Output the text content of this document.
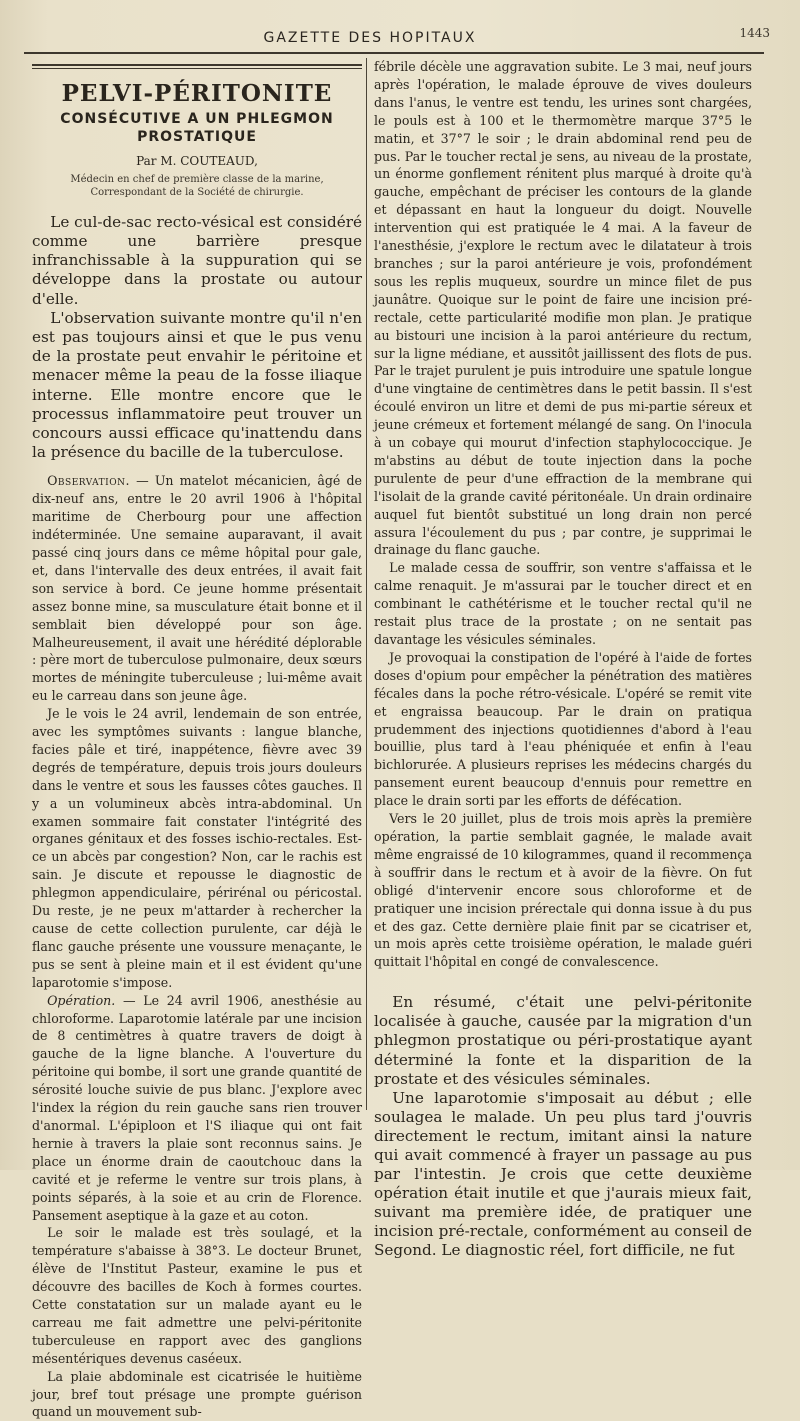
GAZETTE DES HOPITAUX	1443
PELVI-PÉRITONITE
CONSÉCUTIVE A UN PHLEGMON PROSTATIQUE
Par M. COUTEAUD,
Médecin en chef de première classe de la marine,
Correspondant de la Société de chirurgie.

Le cul-de-sac recto-vésical est considéré comme une barrière presque infranchissable à la suppuration qui se développe dans la prostate ou autour d'elle.

L'observation suivante montre qu'il n'en est pas toujours ainsi et que le pus venu de la prostate peut envahir le péritoine et menacer même la peau de la fosse iliaque interne. Elle montre encore que le processus inflammatoire peut trouver un concours aussi efficace qu'inattendu dans la présence du bacille de la tuberculose.

Observation. — Un matelot mécanicien, âgé de dix-neuf ans, entre le 20 avril 1906 à l'hôpital maritime de Cherbourg pour une affection indéterminée. Une semaine auparavant, il avait passé cinq jours dans ce même hôpital pour gale, et, dans l'intervalle des deux entrées, il avait fait son service à bord. Ce jeune homme présentait assez bonne mine, sa musculature était bonne et il semblait bien développé pour son âge. Malheureusement, il avait une hérédité déplorable : père mort de tuberculose pulmonaire, deux sœurs mortes de méningite tuberculeuse ; lui-même avait eu le carreau dans son jeune âge.

Je le vois le 24 avril, lendemain de son entrée, avec les symptômes suivants : langue blanche, facies pâle et tiré, inappétence, fièvre avec 39 degrés de température, depuis trois jours douleurs dans le ventre et sous les fausses côtes gauches. Il y a un volumineux abcès intra-abdominal. Un examen sommaire fait constater l'intégrité des organes génitaux et des fosses ischio-rectales. Est-ce un abcès par congestion? Non, car le rachis est sain. Je discute et repousse le diagnostic de phlegmon appendiculaire, périrénal ou péricostal. Du reste, je ne peux m'attarder à rechercher la cause de cette collection purulente, car déjà le flanc gauche présente une voussure menaçante, le pus se sent à pleine main et il est évident qu'une laparotomie s'impose.

Opération. — Le 24 avril 1906, anesthésie au chloroforme. Laparotomie latérale par une incision de 8 centimètres à quatre travers de doigt à gauche de la ligne blanche. A l'ouverture du péritoine qui bombe, il sort une grande quantité de sérosité louche suivie de pus blanc. J'explore avec l'index la région du rein gauche sans rien trouver d'anormal. L'épiploon et l'S iliaque qui ont fait hernie à travers la plaie sont reconnus sains. Je place un énorme drain de caoutchouc dans la cavité et je referme le ventre sur trois plans, à points séparés, à la soie et au crin de Florence. Pansement aseptique à la gaze et au coton.

Le soir le malade est très soulagé, et la température s'abaisse à 38°3. Le docteur Brunet, élève de l'Institut Pasteur, examine le pus et découvre des bacilles de Koch à formes courtes. Cette constatation sur un malade ayant eu le carreau me fait admettre une pelvi-péritonite tuberculeuse en rapport avec des ganglions mésentériques devenus caséeux.

La plaie abdominale est cicatrisée le huitième jour, bref tout présage une prompte guérison quand un mouvement sub-

fébrile décèle une aggravation subite. Le 3 mai, neuf jours après l'opération, le malade éprouve de vives douleurs dans l'anus, le ventre est tendu, les urines sont chargées, le pouls est à 100 et le thermomètre marque 37°5 le matin, et 37°7 le soir ; le drain abdominal rend peu de pus. Par le toucher rectal je sens, au niveau de la prostate, un énorme gonflement rénitent plus marqué à droite qu'à gauche, empêchant de préciser les contours de la glande et dépassant en haut la longueur du doigt. Nouvelle intervention qui est pratiquée le 4 mai. A la faveur de l'anesthésie, j'explore le rectum avec le dilatateur à trois branches ; sur la paroi antérieure je vois, profondément sous les replis muqueux, sourdre un mince filet de pus jaunâtre. Quoique sur le point de faire une incision pré-rectale, cette particularité modifie mon plan. Je pratique au bistouri une incision à la paroi antérieure du rectum, sur la ligne médiane, et aussitôt jaillissent des flots de pus. Par le trajet purulent je puis introduire une spatule longue d'une vingtaine de centimètres dans le petit bassin. Il s'est écoulé environ un litre et demi de pus mi-partie séreux et jeune crémeux et fortement mélangé de sang. On l'inocula à un cobaye qui mourut d'infection staphylococcique. Je m'abstins au début de toute injection dans la poche purulente de peur d'une effraction de la membrane qui l'isolait de la grande cavité péritonéale. Un drain ordinaire auquel fut bientôt substitué un long drain non percé assura l'écoulement du pus ; par contre, je supprimai le drainage du flanc gauche.

Le malade cessa de souffrir, son ventre s'affaissa et le calme renaquit. Je m'assurai par le toucher direct et en combinant le cathétérisme et le toucher rectal qu'il ne restait plus trace de la prostate ; on ne sentait pas davantage les vésicules séminales.

Je provoquai la constipation de l'opéré à l'aide de fortes doses d'opium pour empêcher la pénétration des matières fécales dans la poche rétro-vésicale. L'opéré se remit vite et engraissa beaucoup. Par le drain on pratiqua prudemment des injections quotidiennes d'abord à l'eau bouillie, plus tard à l'eau phéniquée et enfin à l'eau bichlorurée. A plusieurs reprises les médecins chargés du pansement eurent beaucoup d'ennuis pour remettre en place le drain sorti par les efforts de défécation.

Vers le 20 juillet, plus de trois mois après la première opération, la partie semblait gagnée, le malade avait même engraissé de 10 kilogrammes, quand il recommença à souffrir dans le rectum et à avoir de la fièvre. On fut obligé d'intervenir encore sous chloroforme et de pratiquer une incision prérectale qui donna issue à du pus et des gaz. Cette dernière plaie finit par se cicatriser et, un mois après cette troisième opération, le malade guéri quittait l'hôpital en congé de convalescence.

En résumé, c'était une pelvi-péritonite localisée à gauche, causée par la migration d'un phlegmon prostatique ou péri-prostatique ayant déterminé la fonte et la disparition de la prostate et des vésicules séminales.

Une laparotomie s'imposait au début ; elle soulagea le malade. Un peu plus tard j'ouvris directement le rectum, imitant ainsi la nature qui avait commencé à frayer un passage au pus par l'intestin. Je crois que cette deuxième opération était inutile et que j'aurais mieux fait, suivant ma première idée, de pratiquer une incision pré-rectale, conformément au conseil de Segond. Le diagnostic réel, fort difficile, ne fut
